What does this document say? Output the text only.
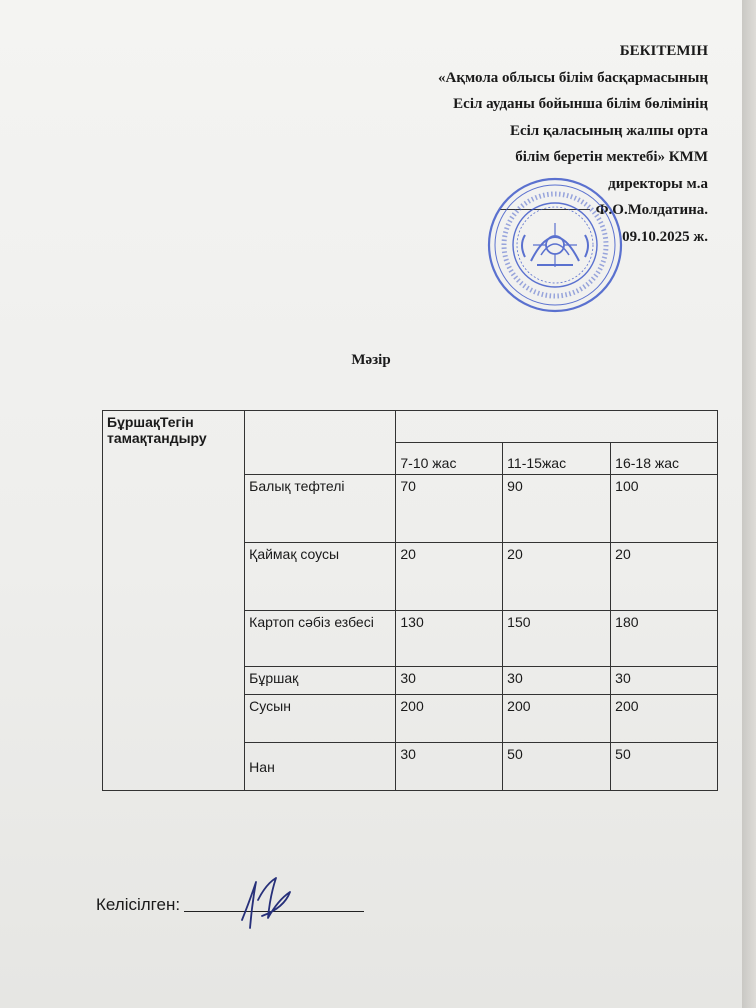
БЕКІТЕМІН
«Ақмола облысы білім басқармасының
Есіл ауданы бойынша білім бөлімінің
Есіл қаласының жалпы орта
білім беретін мектебі» КММ
директоры м.а
Ф.О.Молдатина.
09.10.2025 ж.
Мәзір
БұршақТегін тамақтандыру				
		7-10 жас	11-15жас	16-18 жас
	Балық тефтелі	70	90	100
	Қаймақ соусы	20	20	20
	Картоп сәбіз езбесі	130	150	180
	Бұршақ	30	30	30
	Сусын	200	200	200
	Нан	30	50	50
Келісілген:
